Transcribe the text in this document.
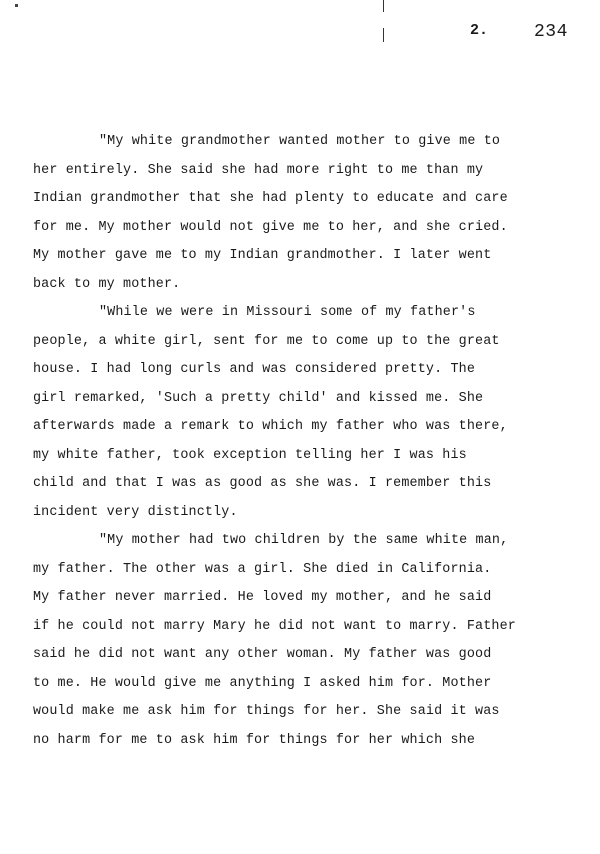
2.	234
"My white grandmother wanted mother to give me to
her entirely. She said she had more right to me than my
Indian grandmother that she had plenty to educate and care
for me. My mother would not give me to her, and she cried.
My mother gave me to my Indian grandmother. I later went
back to my mother.
"While we were in Missouri some of my father's
people, a white girl, sent for me to come up to the great
house. I had long curls and was considered pretty. The
girl remarked, 'Such a pretty child' and kissed me. She
afterwards made a remark to which my father who was there,
my white father, took exception telling her I was his
child and that I was as good as she was. I remember this
incident very distinctly.
"My mother had two children by the same white man,
my father. The other was a girl. She died in California.
My father never married. He loved my mother, and he said
if he could not marry Mary he did not want to marry. Father
said he did not want any other woman. My father was good
to me. He would give me anything I asked him for. Mother
would make me ask him for things for her. She said it was
no harm for me to ask him for things for her which she
